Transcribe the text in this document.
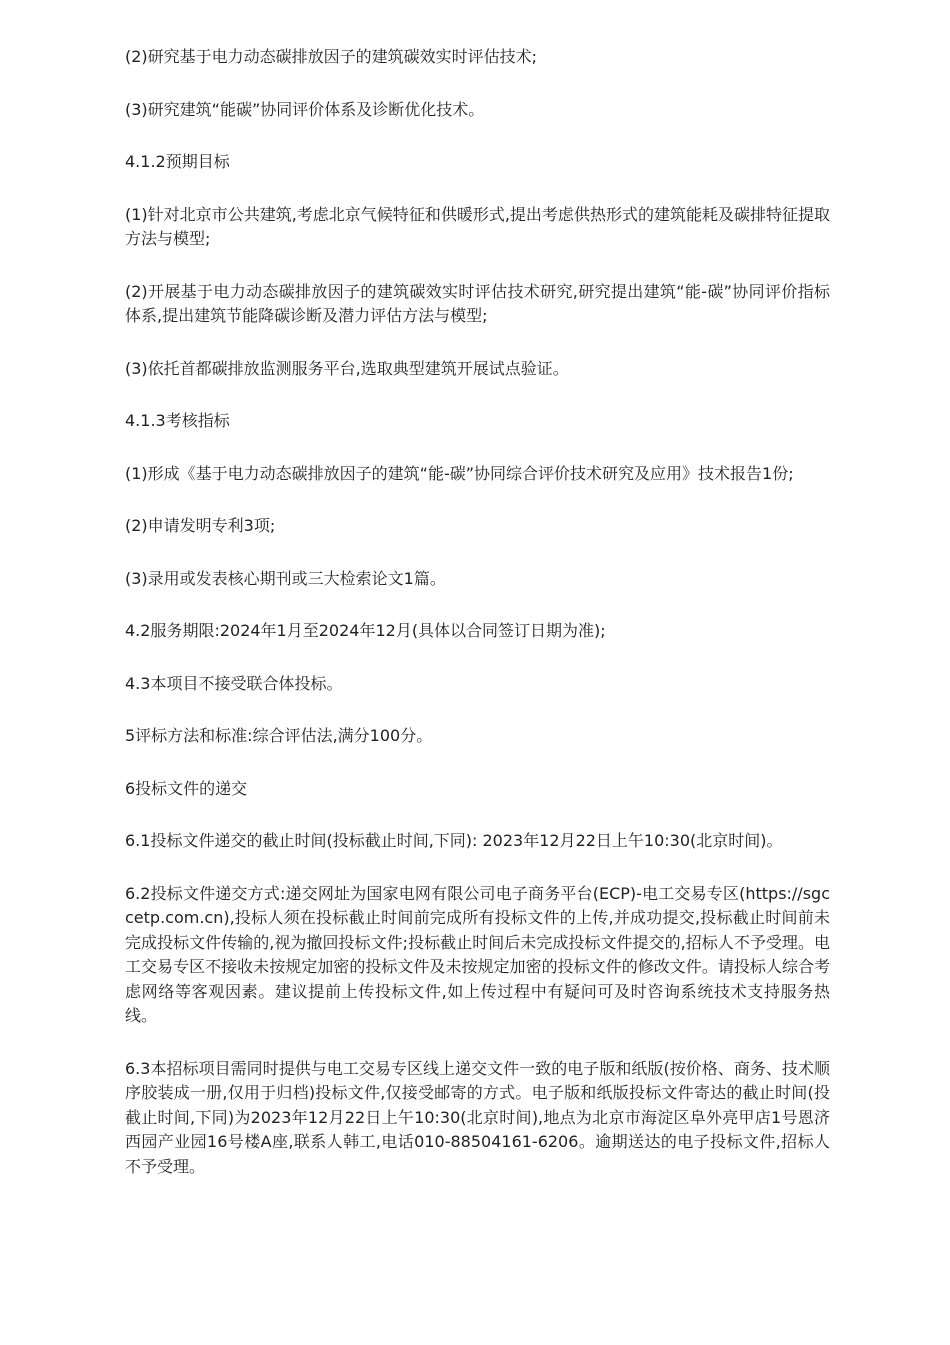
(2)研究基于电力动态碳排放因子的建筑碳效实时评估技术;

(3)研究建筑“能碳”协同评价体系及诊断优化技术。

4.1.2预期目标

(1)针对北京市公共建筑,考虑北京气候特征和供暖形式,提出考虑供热形式的建筑能耗及碳排特征提取方法与模型;

(2)开展基于电力动态碳排放因子的建筑碳效实时评估技术研究,研究提出建筑“能-碳”协同评价指标体系,提出建筑节能降碳诊断及潜力评估方法与模型;

(3)依托首都碳排放监测服务平台,选取典型建筑开展试点验证。

4.1.3考核指标

(1)形成《基于电力动态碳排放因子的建筑“能-碳”协同综合评价技术研究及应用》技术报告1份;

(2)申请发明专利3项;

(3)录用或发表核心期刊或三大检索论文1篇。

4.2服务期限:2024年1月至2024年12月(具体以合同签订日期为准);

4.3本项目不接受联合体投标。

5评标方法和标准:综合评估法,满分100分。

6投标文件的递交

6.1投标文件递交的截止时间(投标截止时间,下同): 2023年12月22日上午10:30(北京时间)。

6.2投标文件递交方式:递交网址为国家电网有限公司电子商务平台(ECP)-电工交易专区(https://sgccetp.com.cn),投标人须在投标截止时间前完成所有投标文件的上传,并成功提交,投标截止时间前未完成投标文件传输的,视为撤回投标文件;投标截止时间后未完成投标文件提交的,招标人不予受理。电工交易专区不接收未按规定加密的投标文件及未按规定加密的投标文件的修改文件。请投标人综合考虑网络等客观因素。建议提前上传投标文件,如上传过程中有疑问可及时咨询系统技术支持服务热线。

6.3本招标项目需同时提供与电工交易专区线上递交文件一致的电子版和纸版(按价格、商务、技术顺序胶装成一册,仅用于归档)投标文件,仅接受邮寄的方式。电子版和纸版投标文件寄达的截止时间(投截止时间,下同)为2023年12月22日上午10:30(北京时间),地点为北京市海淀区阜外亮甲店1号恩济西园产业园16号楼A座,联系人韩工,电话010-88504161-6206。逾期送达的电子投标文件,招标人不予受理。
